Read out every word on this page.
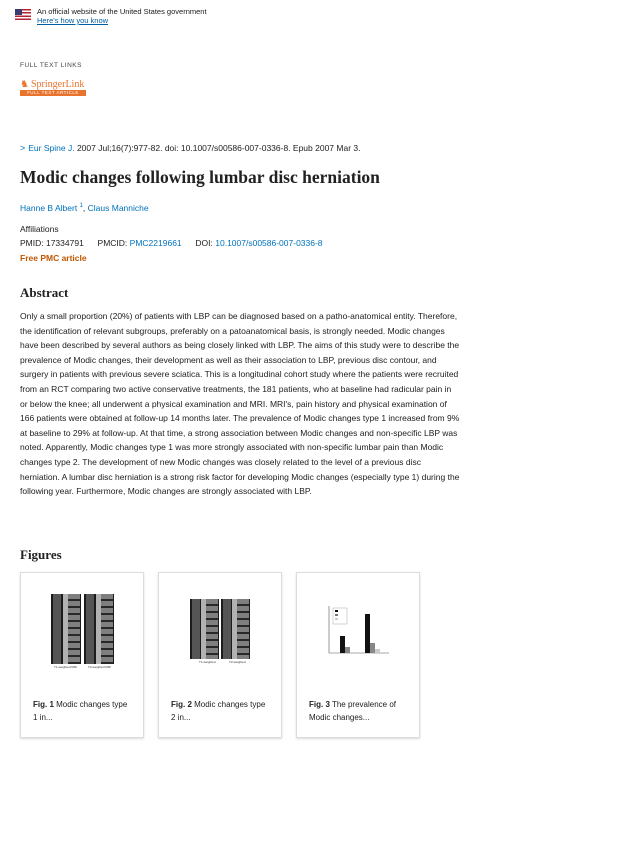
An official website of the United States government
Here's how you know
FULL TEXT LINKS
♞ SpringerLink
FULL TEXT ARTICLE
> Eur Spine J. 2007 Jul;16(7):977-82. doi: 10.1007/s00586-007-0336-8. Epub 2007 Mar 3.
Modic changes following lumbar disc herniation
Hanne B Albert $^1$, Claus Manniche
Affiliations
PMID: 17334791 PMCID: PMC2219661 DOI: 10.1007/s00586-007-0336-8
Free PMC article
Abstract

Only a small proportion (20%) of patients with LBP can be diagnosed based on a patho-anatomical entity. Therefore, the identification of relevant subgroups, preferably on a patoanatomical basis, is strongly needed. Modic changes have been described by several authors as being closely linked with LBP. The aims of this study were to describe the prevalence of Modic changes, their development as well as their association to LBP, previous disc contour, and surgery in patients with previous severe sciatica. This is a longitudinal cohort study where the patients were recruited from an RCT comparing two active conservative treatments, the 181 patients, who at baseline had radicular pain in or below the knee; all underwent a physical examination and MRI. MRI's, pain history and physical examination of 166 patients were obtained at follow-up 14 months later. The prevalence of Modic changes type 1 increased from 9% at baseline to 29% at follow-up. At that time, a strong association between Modic changes and non-specific LBP was noted. Apparently, Modic changes type 1 was more strongly associated with non-specific lumbar pain than Modic changes type 2. The development of new Modic changes was closely related to the level of a previous disc herniation. A lumbar disc herniation is a strong risk factor for developing Modic changes (especially type 1) during the following year. Furthermore, Modic changes are strongly associated with LBP.

Figures
T1-weighted MRI	T2-weighted MRI
Fig. 1 Modic changes type 1 in...
T1-weighted	T2-weighted
Fig. 2 Modic changes type 2 in...
Fig. 3 The prevalence of Modic changes...
